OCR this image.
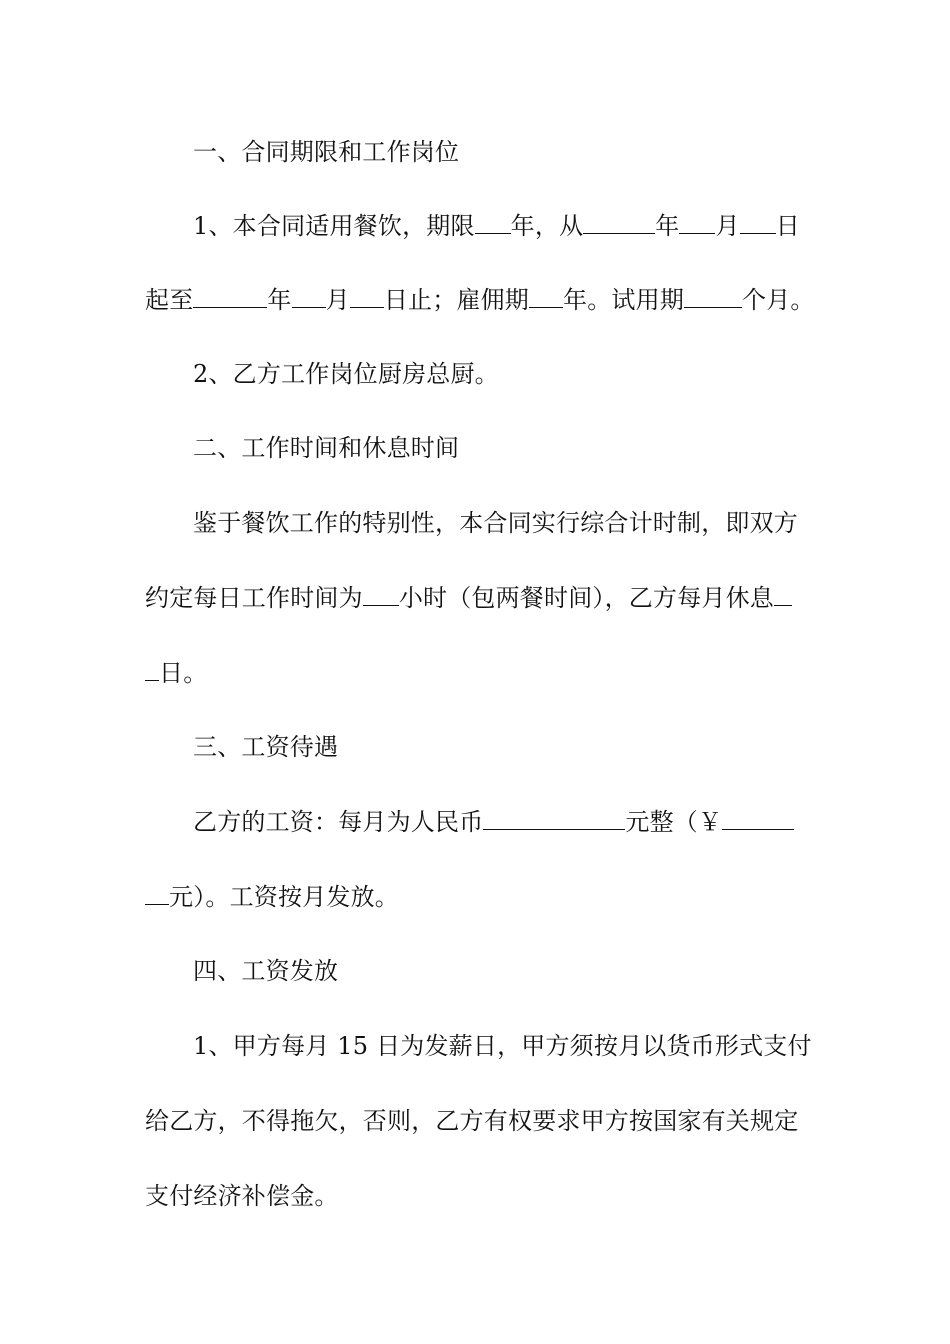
一、合同期限和工作岗位
1、本合同适用餐饮，期限 年，从	年 月 日
起至	年 月 日止；雇佣期 年。试用期 个月。
2、乙方工作岗位厨房总厨。
二、工作时间和休息时间
鉴于餐饮工作的特别性，本合同实行综合计时制，即双方
约定每日工作时间为 小时（包两餐时间），乙方每月休息
日。
三、工资待遇
乙方的工资：每月为人民币	元整（￥
元）。工资按月发放。
四、工资发放
1、甲方每月 15 日为发薪日，甲方须按月以货币形式支付
给乙方，不得拖欠，否则，乙方有权要求甲方按国家有关规定
支付经济补偿金。
